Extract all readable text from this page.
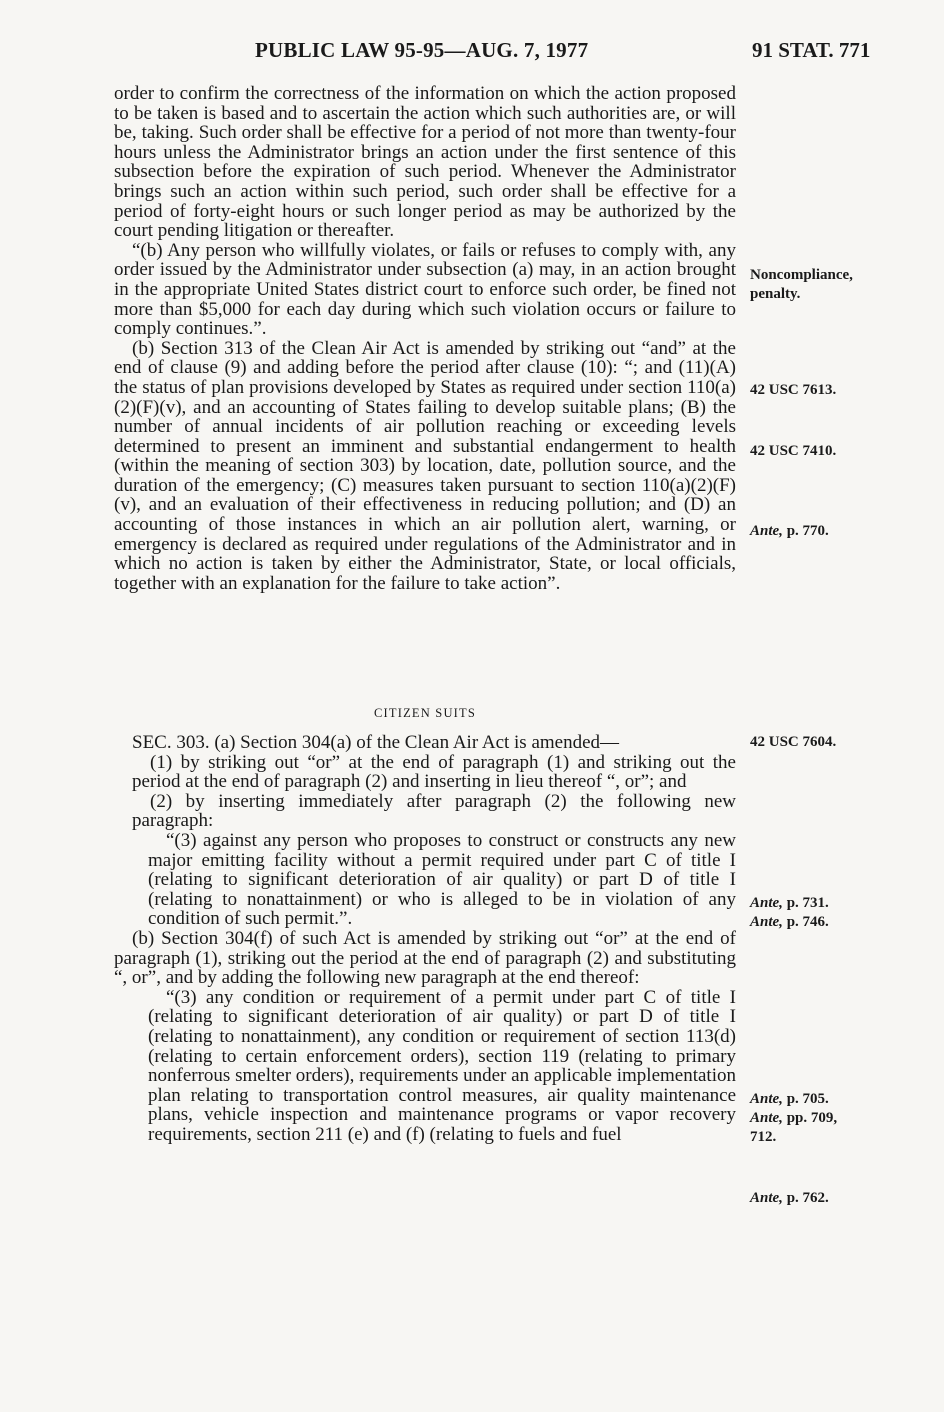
PUBLIC LAW 95-95—AUG. 7, 1977	91 STAT. 771

order to confirm the correctness of the information on which the action proposed to be taken is based and to ascertain the action which such authorities are, or will be, taking. Such order shall be effective for a period of not more than twenty-four hours unless the Administrator brings an action under the first sentence of this subsection before the expiration of such period. Whenever the Administrator brings such an action within such period, such order shall be effective for a period of forty-eight hours or such longer period as may be authorized by the court pending litigation or thereafter.

“(b) Any person who willfully violates, or fails or refuses to comply with, any order issued by the Administrator under subsection (a) may, in an action brought in the appropriate United States district court to enforce such order, be fined not more than $5,000 for each day during which such violation occurs or failure to comply continues.”.

(b) Section 313 of the Clean Air Act is amended by striking out “and” at the end of clause (9) and adding before the period after clause (10): “; and (11)(A) the status of plan provisions developed by States as required under section 110(a)(2)(F)(v), and an accounting of States failing to develop suitable plans; (B) the number of annual incidents of air pollution reaching or exceeding levels determined to present an imminent and substantial endangerment to health (within the meaning of section 303) by location, date, pollution source, and the duration of the emergency; (C) measures taken pursuant to section 110(a)(2)(F)(v), and an evaluation of their effectiveness in reducing pollution; and (D) an accounting of those instances in which an air pollution alert, warning, or emergency is declared as required under regulations of the Administrator and in which no action is taken by either the Administrator, State, or local officials, together with an explanation for the failure to take action”.

CITIZEN SUITS

SEC. 303. (a) Section 304(a) of the Clean Air Act is amended—

(1) by striking out “or” at the end of paragraph (1) and striking out the period at the end of paragraph (2) and inserting in lieu thereof “, or”; and

(2) by inserting immediately after paragraph (2) the following new paragraph:

“(3) against any person who proposes to construct or constructs any new major emitting facility without a permit required under part C of title I (relating to significant deterioration of air quality) or part D of title I (relating to nonattainment) or who is alleged to be in violation of any condition of such permit.”.

(b) Section 304(f) of such Act is amended by striking out “or” at the end of paragraph (1), striking out the period at the end of paragraph (2) and substituting “, or”, and by adding the following new paragraph at the end thereof:

“(3) any condition or requirement of a permit under part C of title I (relating to significant deterioration of air quality) or part D of title I (relating to nonattainment), any condition or requirement of section 113(d) (relating to certain enforcement orders), section 119 (relating to primary nonferrous smelter orders), requirements under an applicable implementation plan relating to transportation control measures, air quality maintenance plans, vehicle inspection and maintenance programs or vapor recovery requirements, section 211 (e) and (f) (relating to fuels and fuel

Noncompliance,
penalty.
42 USC 7613.
42 USC 7410.
Ante, p. 770.
42 USC 7604.
Ante, p. 731.
Ante, p. 746.
Ante, p. 705.
Ante, pp. 709,
712.
Ante, p. 762.
